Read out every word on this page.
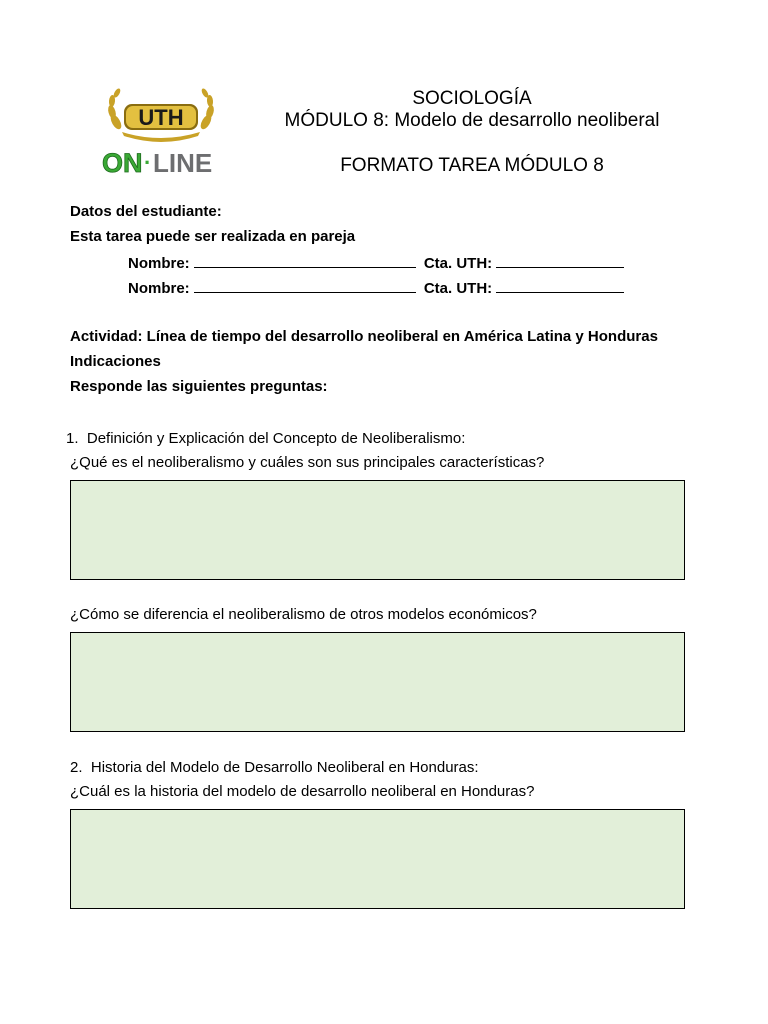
UTH
ON · LINE
SOCIOLOGÍA
MÓDULO 8: Modelo de desarrollo neoliberal
FORMATO TAREA MÓDULO 8
Datos del estudiante:
Esta tarea puede ser realizada en pareja
Nombre:	Cta. UTH:
Nombre:	Cta. UTH:
Actividad: Línea de tiempo del desarrollo neoliberal en América Latina y Honduras
Indicaciones
Responde las siguientes preguntas:
1. Definición y Explicación del Concepto de Neoliberalismo:
¿Qué es el neoliberalismo y cuáles son sus principales características?
¿Cómo se diferencia el neoliberalismo de otros modelos económicos?
2. Historia del Modelo de Desarrollo Neoliberal en Honduras:
¿Cuál es la historia del modelo de desarrollo neoliberal en Honduras?
